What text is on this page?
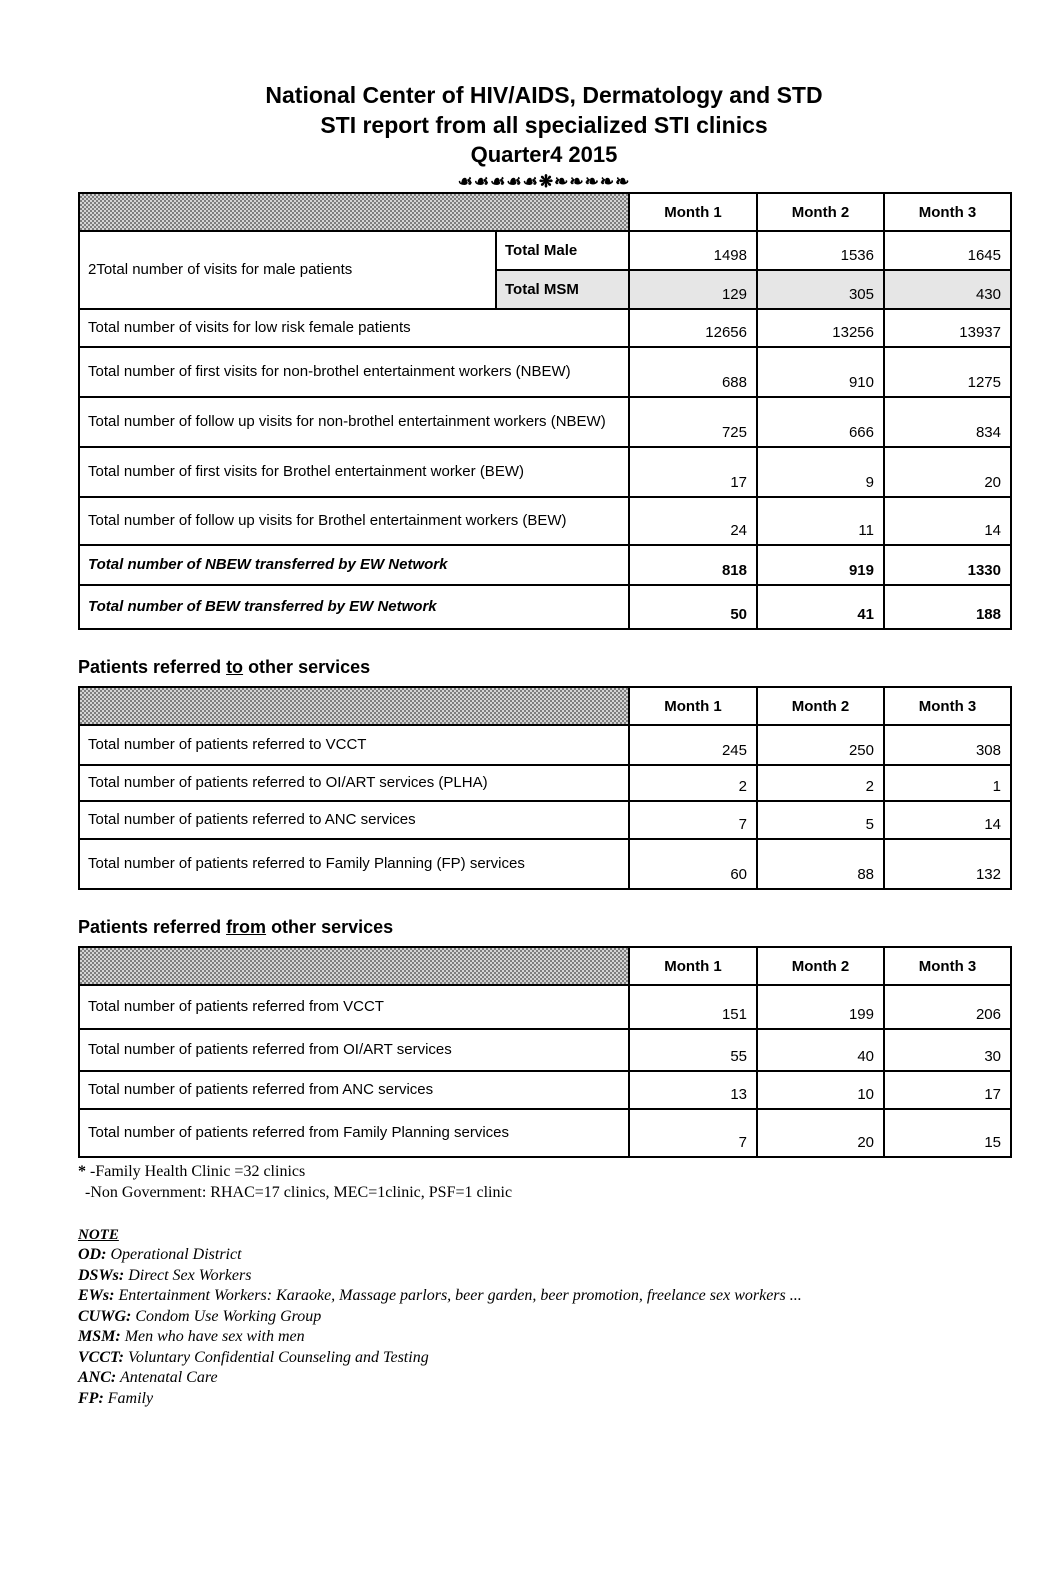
National Center of HIV/AIDS, Dermatology and STD
STI report from all specialized STI clinics
Quarter4 2015
☙☙☙☙☙❋❧❧❧❧❧
		Month 1	Month 2	Month 3
2Total number of visits for male patients	Total Male	1498	1536	1645
	Total MSM	129	305	430
Total number of visits for low risk female patients		12656	13256	13937
Total number of first visits for non-brothel entertainment workers (NBEW)		688	910	1275
Total number of follow up visits for non-brothel entertainment workers (NBEW)		725	666	834
Total number of first visits for Brothel entertainment worker (BEW)		17	9	20
Total number of follow up visits for Brothel entertainment workers (BEW)		24	11	14
Total number of NBEW transferred by EW Network		818	919	1330
Total number of BEW transferred by EW Network		50	41	188
Patients referred to other services
	Month 1	Month 2	Month 3
Total number of patients referred to VCCT	245	250	308
Total number of patients referred to OI/ART services (PLHA)	2	2	1
Total number of patients referred to ANC services	7	5	14
Total number of patients referred to Family Planning (FP) services	60	88	132
Patients referred from other services
	Month 1	Month 2	Month 3
Total number of patients referred from VCCT	151	199	206
Total number of patients referred from OI/ART services	55	40	30
Total number of patients referred from ANC services	13	10	17
Total number of patients referred from Family Planning services	7	20	15
* -Family Health Clinic =32 clinics
-Non Government: RHAC=17 clinics, MEC=1clinic, PSF=1 clinic
NOTE
OD: Operational District
DSWs: Direct Sex Workers
EWs: Entertainment Workers: Karaoke, Massage parlors, beer garden, beer promotion, freelance sex workers ...
CUWG: Condom Use Working Group
MSM: Men who have sex with men
VCCT: Voluntary Confidential Counseling and Testing
ANC: Antenatal Care
FP: Family
